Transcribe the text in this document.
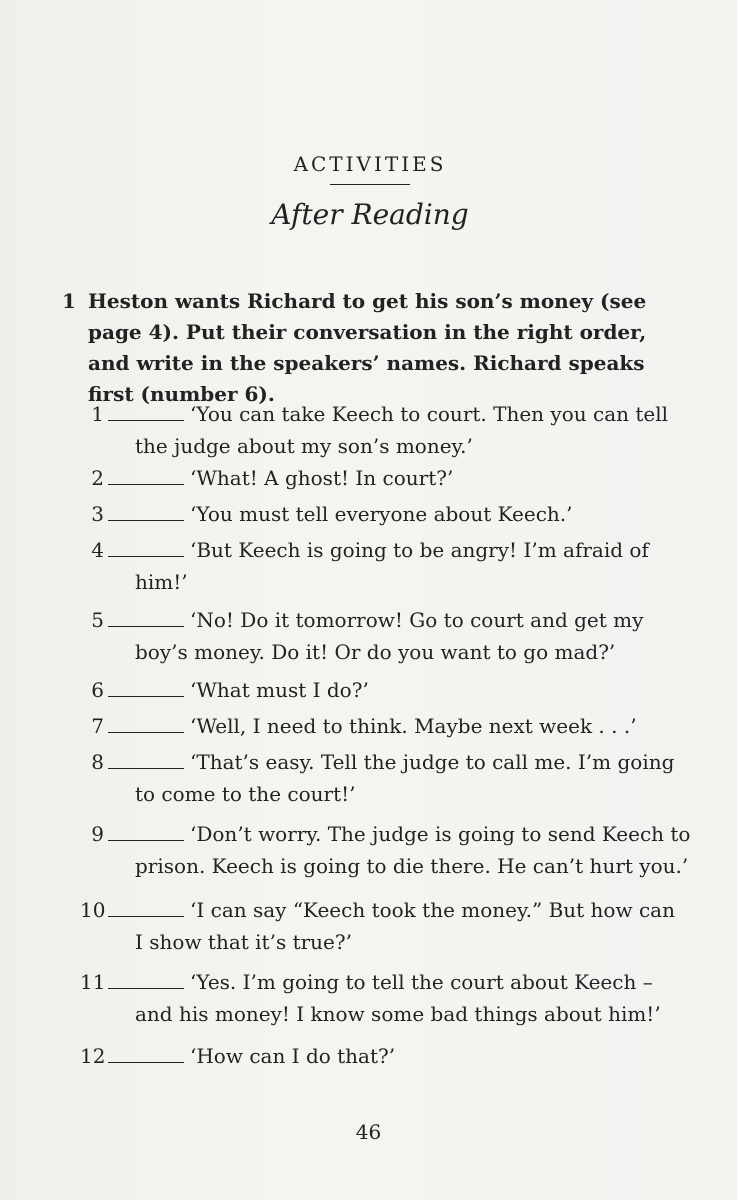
ACTIVITIES
After Reading
1 Heston wants Richard to get his son’s money (see page 4). Put their conversation in the right order, and write in the speakers’ names. Richard speaks first (number 6).
1	‘You can take Keech to court. Then you can tell
the judge about my son’s money.’
2	‘What! A ghost! In court?’
3	‘You must tell everyone about Keech.’
4	‘But Keech is going to be angry! I’m afraid of
him!’
5	‘No! Do it tomorrow! Go to court and get my
boy’s money. Do it! Or do you want to go mad?’
6	‘What must I do?’
7	‘Well, I need to think. Maybe next week . . .’
8	‘That’s easy. Tell the judge to call me. I’m going
to come to the court!’
9	‘Don’t worry. The judge is going to send Keech to
prison. Keech is going to die there. He can’t hurt you.’
10	‘I can say “Keech took the money.” But how can
I show that it’s true?’
11	‘Yes. I’m going to tell the court about Keech –
and his money! I know some bad things about him!’
12	‘How can I do that?’
46
